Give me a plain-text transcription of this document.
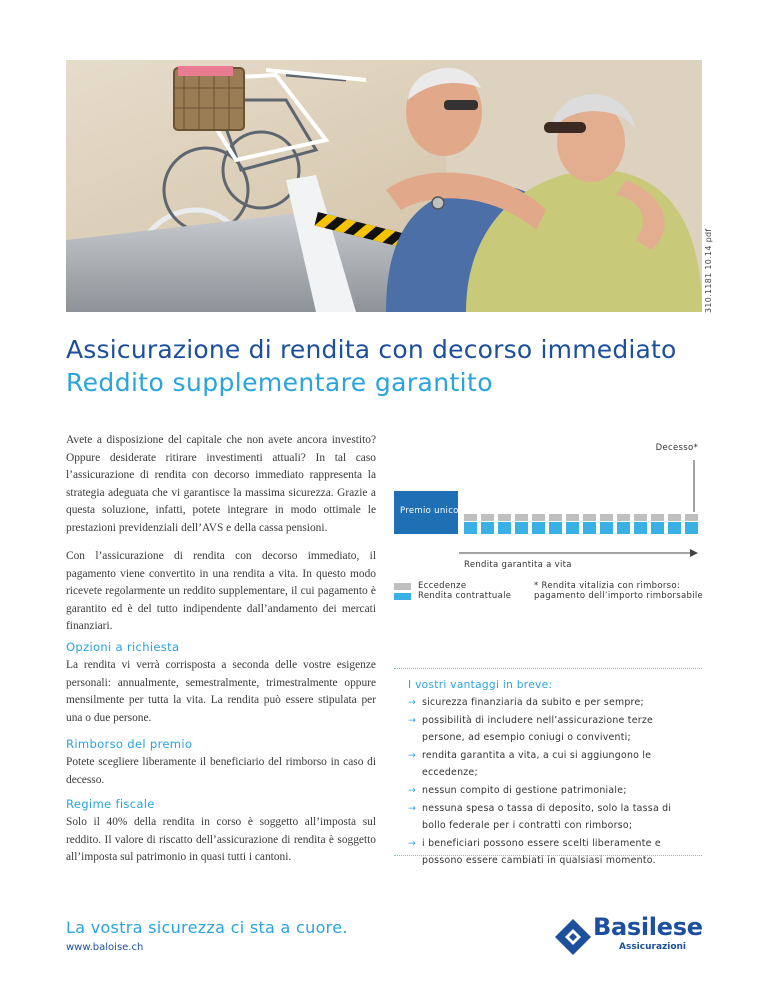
310.1181 10.14 pdf
Assicurazione di rendita con decorso immediato
Reddito supplementare garantito

Avete a disposizione del capitale che non avete ancora investito? Oppure desiderate ritirare investimenti attuali? In tal caso l’assicurazione di rendita con decorso immediato rappresenta la strategia adeguata che vi garantisce la massima sicurezza. Grazie a questa soluzione, infatti, potete integrare in modo ottimale le prestazioni previdenziali dell’AVS e della cassa pensioni.

Con l’assicurazione di rendita con decorso immediato, il pagamento viene convertito in una rendita a vita. In questo modo ricevete regolarmente un reddito supplementare, il cui pagamento è garantito ed è del tutto indipendente dall’andamento dei mercati finanziari.

Opzioni a richiesta

La rendita vi verrà corrisposta a seconda delle vostre esigenze personali: annualmente, semestralmente, trimestralmente oppure mensilmente per tutta la vita. La rendita può essere stipulata per una o due persone.

Rimborso del premio

Potete scegliere liberamente il beneficiario del rimborso in caso di decesso.

Regime fiscale

Solo il 40% della rendita in corso è soggetto all’imposta sul reddito. Il valore di riscatto dell’assicurazione di rendita è soggetto all’imposta sul patrimonio in quasi tutti i cantoni.

Decesso*
Premio unico
Rendita garantita a vita
Eccedenze
Rendita contrattuale
* Rendita vitalizia con rimborso:
pagamento dell’importo rimborsabile
I vostri vantaggi in breve:
→ sicurezza finanziaria da subito e per sempre;
→ possibilità di includere nell’assicurazione terze persone, ad esempio coniugi o conviventi;
→ rendita garantita a vita, a cui si aggiungono le eccedenze;
→ nessun compito di gestione patrimoniale;
→ nessuna spesa o tassa di deposito, solo la tassa di bollo federale per i contratti con rimborso;
→ i beneficiari possono essere scelti liberamente e possono essere cambiati in qualsiasi momento.

La vostra sicurezza ci sta a cuore.

www.baloise.ch

Basilese
Assicurazioni
